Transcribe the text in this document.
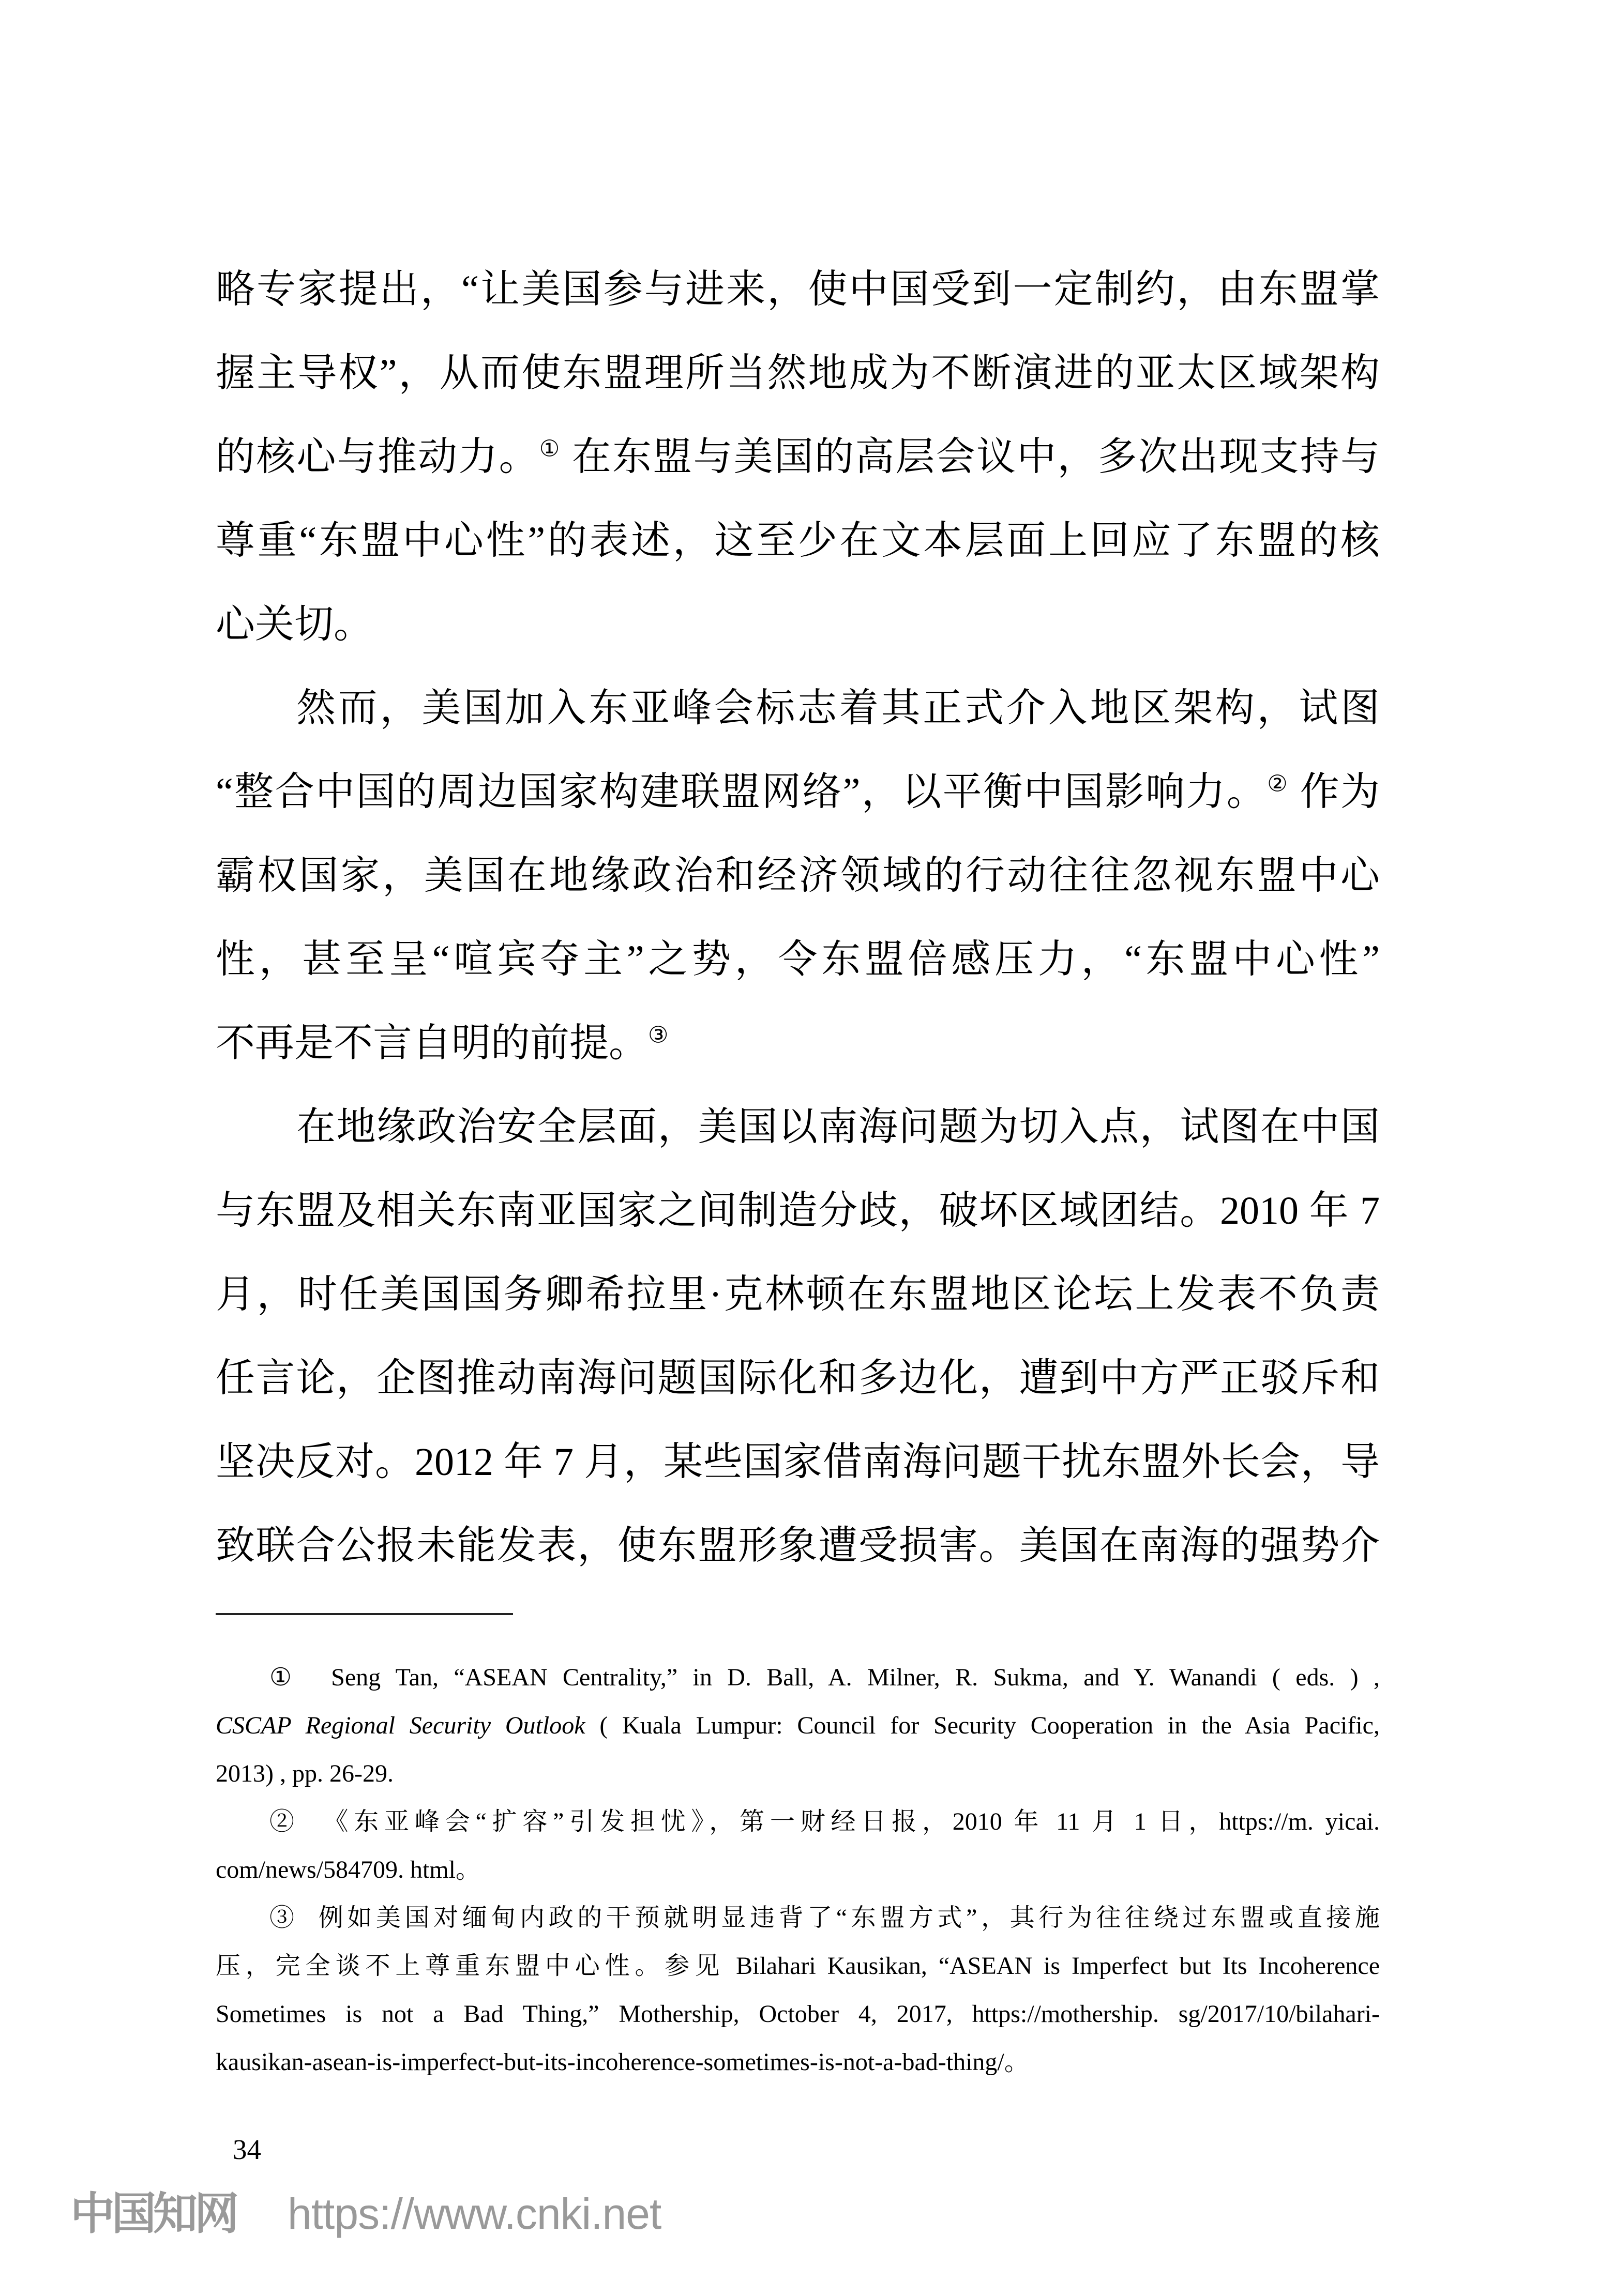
略专家提出，“让美国参与进来，使中国受到一定制约，由东盟掌
握主导权”，从而使东盟理所当然地成为不断演进的亚太区域架构
的核心与推动力。① 在东盟与美国的高层会议中，多次出现支持与
尊重“东盟中心性”的表述，这至少在文本层面上回应了东盟的核
心关切。
然而，美国加入东亚峰会标志着其正式介入地区架构，试图
“整合中国的周边国家构建联盟网络”，以平衡中国影响力。② 作为
霸权国家，美国在地缘政治和经济领域的行动往往忽视东盟中心
性，甚至呈“喧宾夺主”之势，令东盟倍感压力，“东盟中心性”
不再是不言自明的前提。③
在地缘政治安全层面，美国以南海问题为切入点，试图在中国
与东盟及相关东南亚国家之间制造分歧，破坏区域团结。2010 年 7
月，时任美国国务卿希拉里·克林顿在东盟地区论坛上发表不负责
任言论，企图推动南海问题国际化和多边化，遭到中方严正驳斥和
坚决反对。2012 年 7 月，某些国家借南海问题干扰东盟外长会，导
致联合公报未能发表，使东盟形象遭受损害。美国在南海的强势介
①  Seng Tan, “ASEAN Centrality,” in D. Ball, A. Milner, R. Sukma, and Y. Wanandi ( eds. ) ,
CSCAP Regional Security Outlook ( Kuala Lumpur: Council for Security Cooperation in the Asia Pacific,
2013) , pp. 26-29.
②  《东亚峰会“扩容”引发担忧》，第一财经日报，2010 年 11 月 1 日，https://m. yicai.
com/news/584709. html。
③  例如美国对缅甸内政的干预就明显违背了“东盟方式”，其行为往往绕过东盟或直接施
压，完全谈不上尊重东盟中心性。参见 Bilahari Kausikan, “ASEAN is Imperfect but Its Incoherence
Sometimes is not a Bad Thing,” Mothership, October 4, 2017, https://mothership. sg/2017/10/bilahari-
kausikan-asean-is-imperfect-but-its-incoherence-sometimes-is-not-a-bad-thing/。
34
中国知网 https://www.cnki.net
